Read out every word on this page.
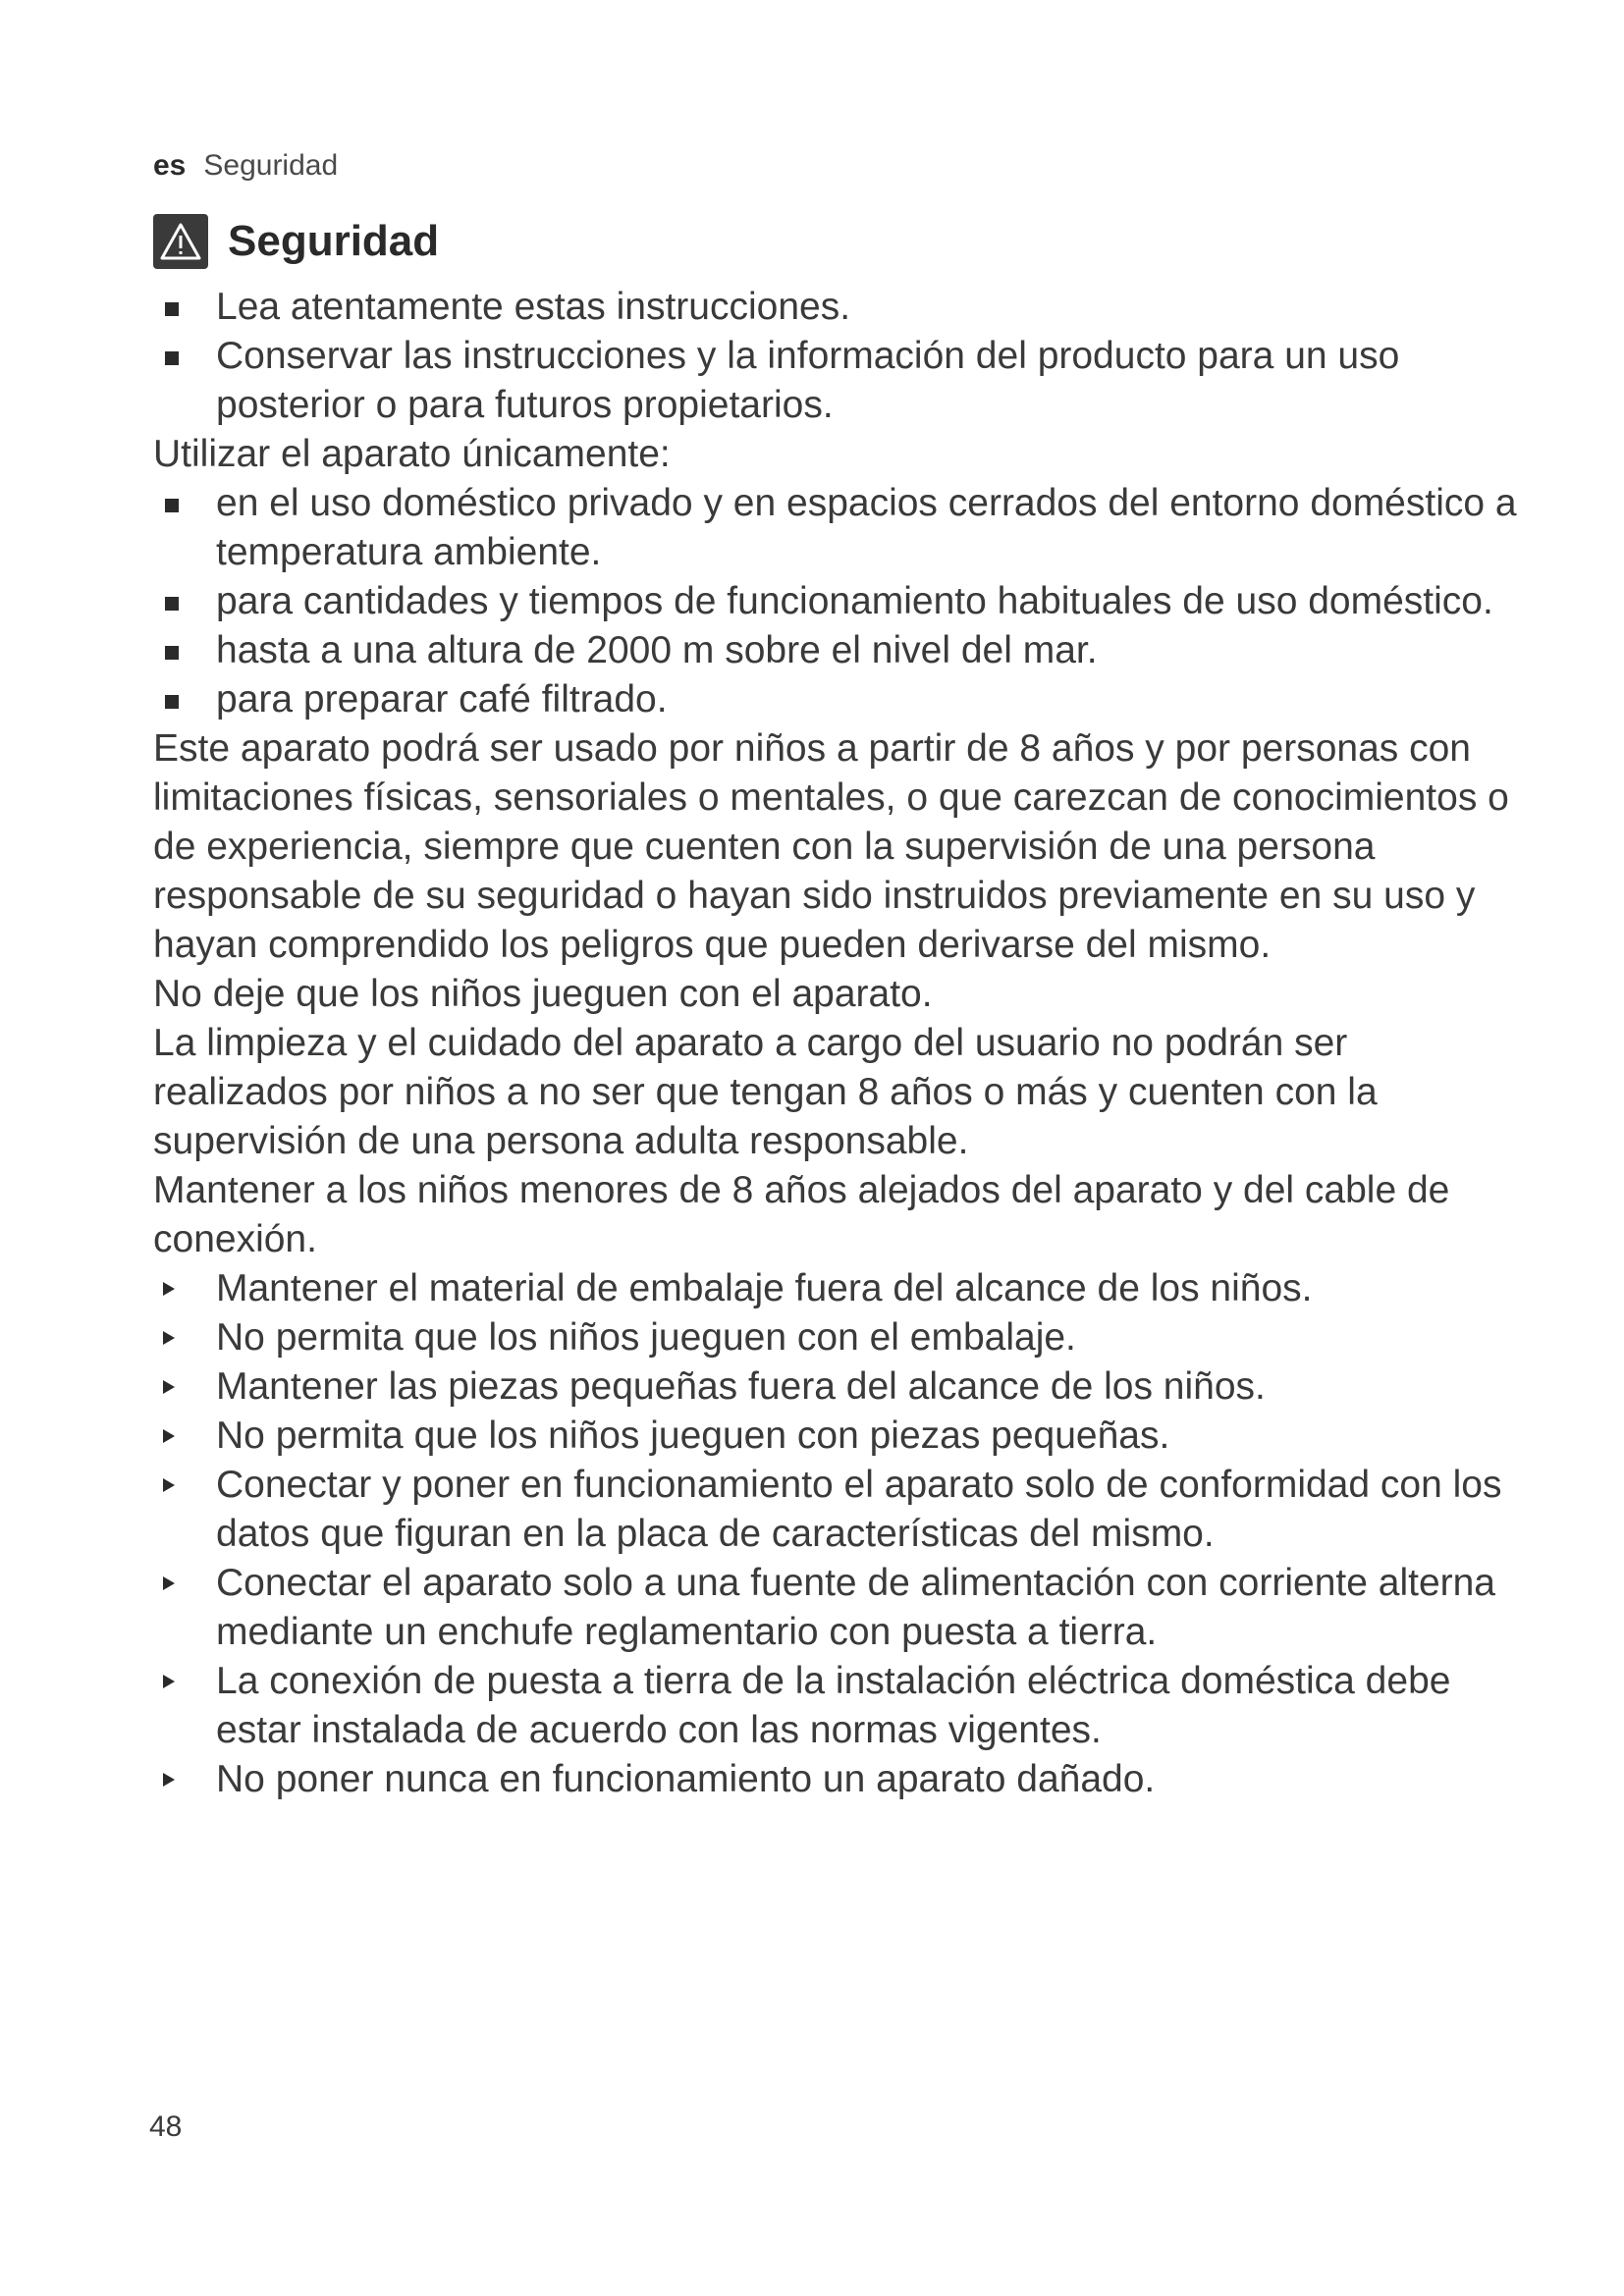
es Seguridad
Seguridad
Lea atentamente estas instrucciones.
Conservar las instrucciones y la información del producto para un uso posterior o para futuros propietarios.

Utilizar el aparato únicamente:

en el uso doméstico privado y en espacios cerrados del entorno doméstico a temperatura ambiente.
para cantidades y tiempos de funcionamiento habituales de uso doméstico.
hasta a una altura de 2000 m sobre el nivel del mar.
para preparar café filtrado.

Este aparato podrá ser usado por niños a partir de 8 años y por personas con limitaciones físicas, sensoriales o mentales, o que carezcan de conocimientos o de experiencia, siempre que cuenten con la supervisión de una persona responsable de su seguridad o hayan sido instruidos previamente en su uso y hayan comprendido los peligros que pueden derivarse del mismo.

No deje que los niños jueguen con el aparato.

La limpieza y el cuidado del aparato a cargo del usuario no podrán ser realizados por niños a no ser que tengan 8 años o más y cuenten con la supervisión de una persona adulta responsable.

Mantener a los niños menores de 8 años alejados del aparato y del cable de conexión.

Mantener el material de embalaje fuera del alcance de los niños.
No permita que los niños jueguen con el embalaje.
Mantener las piezas pequeñas fuera del alcance de los niños.
No permita que los niños jueguen con piezas pequeñas.
Conectar y poner en funcionamiento el aparato solo de conformidad con los datos que figuran en la placa de características del mismo.
Conectar el aparato solo a una fuente de alimentación con corriente alterna mediante un enchufe reglamentario con puesta a tierra.
La conexión de puesta a tierra de la instalación eléctrica doméstica debe estar instalada de acuerdo con las normas vigentes.
No poner nunca en funcionamiento un aparato dañado.
48
